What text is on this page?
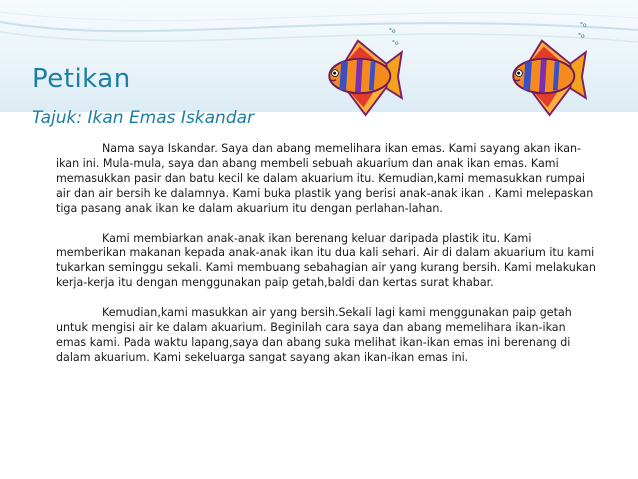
Petikan
Tajuk: Ikan Emas Iskandar
°o
°o
°o
°o

Nama saya Iskandar. Saya dan abang memelihara ikan emas. Kami sayang akan ikan-ikan ini. Mula-mula, saya dan abang membeli sebuah akuarium dan anak ikan emas. Kami memasukkan pasir dan batu kecil ke dalam akuarium itu. Kemudian,kami memasukkan rumpai air dan air bersih ke dalamnya. Kami buka plastik yang berisi anak-anak ikan . Kami melepaskan tiga pasang anak ikan ke dalam akuarium itu dengan perlahan-lahan.

Kami membiarkan anak-anak ikan berenang keluar daripada plastik itu. Kami memberikan makanan kepada anak-anak ikan itu dua kali sehari. Air di dalam akuarium itu kami tukarkan seminggu sekali. Kami membuang sebahagian air yang kurang bersih. Kami melakukan kerja-kerja itu dengan menggunakan paip getah,baldi dan kertas surat khabar.

Kemudian,kami masukkan air yang bersih.Sekali lagi kami menggunakan paip getah untuk mengisi air ke dalam akuarium. Beginilah cara saya dan abang memelihara ikan-ikan emas kami. Pada waktu lapang,saya dan abang suka melihat ikan-ikan emas ini berenang di dalam akuarium. Kami sekeluarga sangat sayang akan ikan-ikan emas ini.
